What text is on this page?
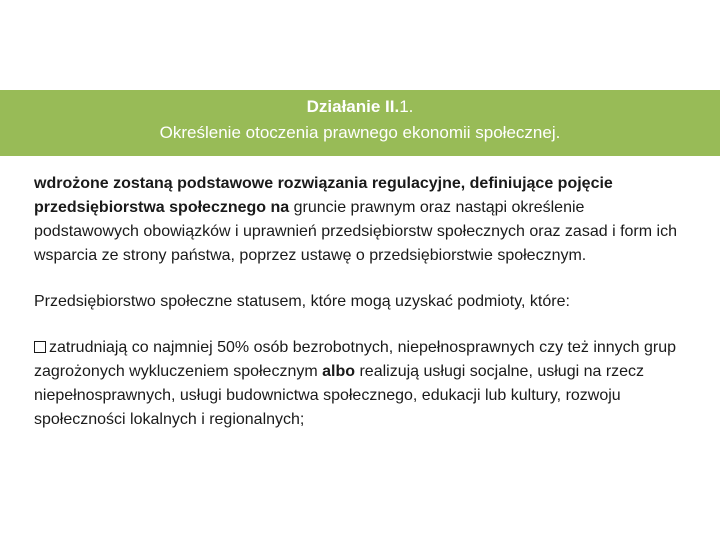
Działanie II.1.
Określenie otoczenia prawnego ekonomii społecznej.

wdrożone zostaną podstawowe rozwiązania regulacyjne, definiujące pojęcie przedsiębiorstwa społecznego na gruncie prawnym oraz nastąpi określenie podstawowych obowiązków i uprawnień przedsiębiorstw społecznych oraz zasad i form ich wsparcia ze strony państwa, poprzez ustawę o przedsiębiorstwie społecznym.

Przedsiębiorstwo społeczne statusem, które mogą uzyskać podmioty, które:

zatrudniają co najmniej 50% osób bezrobotnych, niepełnosprawnych czy też innych grup zagrożonych wykluczeniem społecznym albo realizują usługi socjalne, usługi na rzecz niepełnosprawnych, usługi budownictwa społecznego, edukacji lub kultury, rozwoju społeczności lokalnych i regionalnych;
